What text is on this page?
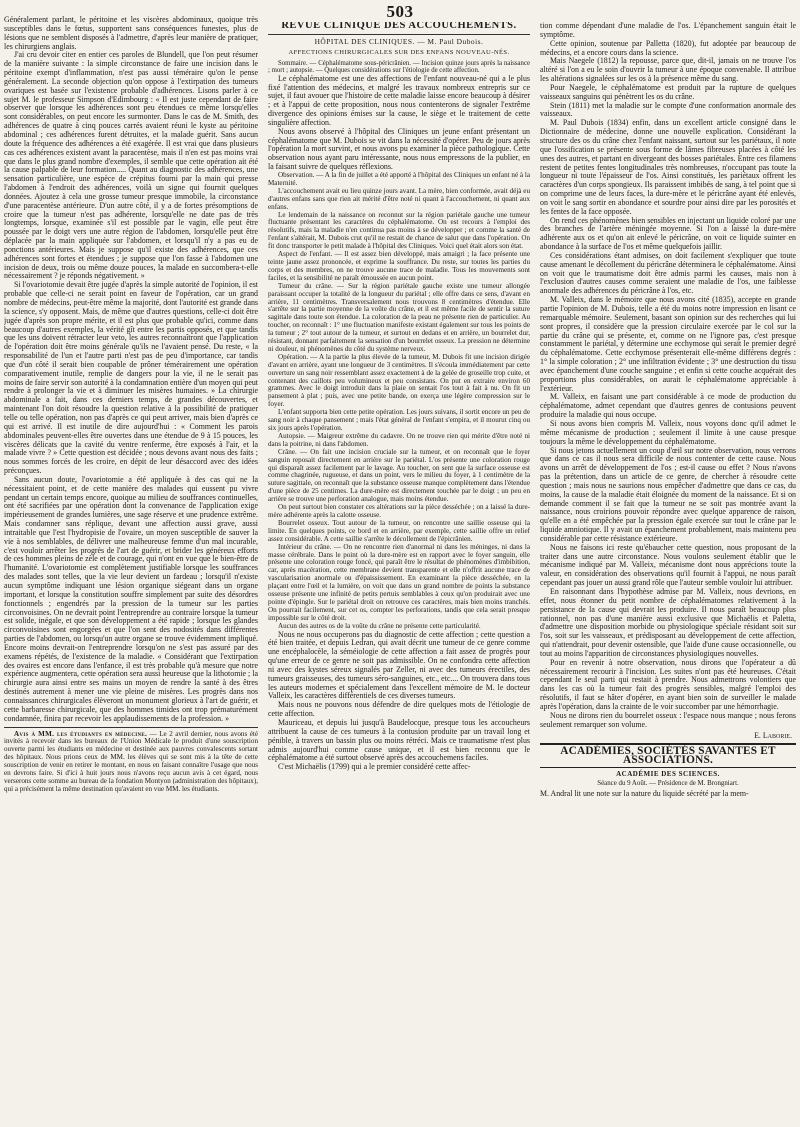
503

Généralement parlant, le péritoine et les viscères abdominaux, quoique très susceptibles dans le fœtus, supportent sans conséquences funestes, plus de lésions que ne semblent disposés à l'admettre, d'après leur manière de pratiquer, les chirurgiens anglais.

J'ai cru devoir citer en entier ces paroles de Blundell, que l'on peut résumer de la manière suivante : la simple circonstance de faire une incision dans le péritoine exempt d'inflammation, n'est pas aussi téméraire qu'on le pense généralement. La seconde objection qu'on oppose à l'extirpation des tumeurs ovariques est basée sur l'existence probable d'adhérences. Lisons parler à ce sujet M. le professeur Simpson d'Edimbourg : « Il est juste cependant de faire observer que lorsque les adhérences sont peu étendues ce même lorsqu'elles sont considérables, on peut encore les surmonter. Dans le cas de M. Smith, des adhérences de quatre à cinq pouces carrés avaient réuni le kyste au péritoine abdominal ; ces adhérences furent détruites, et la malade guérit. Sans aucun doute la fréquence des adhérences a été exagérée. Il est vrai que dans plusieurs cas ces adhérences existent avant la paracentèse, mais il n'en est pas moins vrai que dans le plus grand nombre d'exemples, il semble que cette opération ait été la cause palpable de leur formation..... Quant au diagnostic des adhérences, une sensation particulière, une espèce de crépitus fourni par la main qui presse l'abdomen à l'endroit des adhérences, voilà un signe qui fournit quelques données. Ajoutez à cela une grosse tumeur presque immobile, la circonstance d'une paracentèse antérieure. D'un autre côté, il y a de fortes présomptions de croire que la tumeur n'est pas adhérente, lorsqu'elle ne date pas de très longtemps, lorsque, examinée s'il est possible par le vagin, elle peut être poussée par le doigt vers une autre région de l'abdomen, lorsqu'elle peut être déplacée par la main appliquée sur l'abdomen, et lorsqu'il n'y a pas eu de ponctions antérieures. Mais je suppose qu'il existe des adhérences, que ces adhérences sont fortes et étendues ; je suppose que l'on fasse à l'abdomen une incision de deux, trois ou même douze pouces, la malade en succombera-t-elle nécessairement ? je réponds négativement. »

Si l'ovariotomie devait être jugée d'après la simple autorité de l'opinion, il est probable que celle-ci ne serait point en faveur de l'opération, car un grand nombre de médecins, peut-être même la majorité, dont l'autorité est grande dans la science, s'y opposent. Mais, de même que d'autres questions, celle-ci doit être jugée d'après son propre mérite, et il est plus que probable qu'ici, comme dans beaucoup d'autres exemples, la vérité gît entre les partis opposés, et que tandis que les uns doivent rétracter leur veto, les autres reconnaîtront que l'application de l'opération doit être moins générale qu'ils ne l'avaient pensé. Du reste, « la responsabilité de l'un et l'autre parti n'est pas de peu d'importance, car tandis que d'un côté il serait bien coupable de prôner témérairement une opération comparativement inutile, remplie de dangers pour la vie, il ne le serait pas moins de faire servir son autorité à la condamnation entière d'un moyen qui peut rendre à prolonger la vie et à diminuer les misères humaines. » La chirurgie abdominale a fait, dans ces derniers temps, de grandes découvertes, et maintenant l'on doit résoudre la question relative à la possibilité de pratiquer telle ou telle opération, non pas d'après ce qui peut arriver, mais bien d'après ce qui est arrivé. Il est inutile de dire aujourd'hui : « Comment les parois abdominales peuvent-elles être ouvertes dans une étendue de 9 à 15 pouces, les viscères délicats que la cavité du ventre renferme, être exposés à l'air, et la malade vivre ? » Cette question est décidée ; nous devons avant nous des faits ; nous sommes forcés de les croire, en dépit de leur désaccord avec des idées préconçues.

Sans aucun doute, l'ovariotomie a été appliquée à des cas qui ne la nécessitaient point, et de cette manière des malades qui eussent pu vivre pendant un certain temps encore, quoique au milieu de souffrances continuelles, ont été sacrifiées par une opération dont la convenance de l'application exige impérieusement de grandes lumières, une sage réserve et une prudence extrême. Mais condamner sans réplique, devant une affection aussi grave, aussi intraitable que l'est l'hydropisie de l'ovaire, un moyen susceptible de sauver la vie à nos semblables, de délivrer une malheureuse femme d'un mal incurable, c'est vouloir arrêter les progrès de l'art de guérir, et brider les généreux efforts de ces hommes pleins de zèle et de courage, qui n'ont en vue que le bien-être de l'humanité. L'ovariotomie est complètement justifiable lorsque les souffrances des malades sont telles, que la vie leur devient un fardeau ; lorsqu'il n'existe aucun symptôme indiquant une lésion organique siégeant dans un organe important, et lorsque la constitution souffre simplement par suite des désordres fonctionnels ; engendrés par la pression de la tumeur sur les parties circonvoisines. On ne devrait point l'entreprendre au contraire lorsque la tumeur est solide, inégale, et que son développement a été rapide ; lorsque les glandes circonvoisines sont engorgées et que l'on sent des nodosités dans différentes parties de l'abdomen, ou lorsqu'un autre organe se trouve évidemment impliqué. Encore moins devrait-on l'entreprendre lorsqu'on ne s'est pas assuré par des examens répétés, de l'existence de la maladie. « Considérant que l'extirpation des ovaires est encore dans l'enfance, il est très probable qu'à mesure que notre expérience augmentera, cette opération sera aussi heureuse que la lithotomie ; la chirurgie aura ainsi entre ses mains un moyen de rendre la santé à des êtres destinés autrement à mener une vie pleine de misères. Les progrès dans nos connaissances chirurgicales élèveront un monument glorieux à l'art de guérir, et cette barbaresse chirurgicale, que des hommes timides ont trop prématurément condamnée, finira par recevoir les applaudissements de la profession. »

Avis à MM. les étudiants en médecine. — Le 2 avril dernier, nous avons été invités à recevoir dans les bureaux de l'Union Médicale le produit d'une souscription ouverte parmi les étudiants en médecine et destinée aux pauvres convalescents sortant des hôpitaux. Nous prions ceux de MM. les élèves qui se sont mis à la tête de cette souscription de venir en retirer le montant, en nous en faisant connaître l'usage que nous en devrons faire. Si d'ici à huit jours nous n'avons reçu aucun avis à cet égard, nous verserons cette somme au bureau de la fondation Montyon (administration des hôpitaux), qui a précisément la même destination qu'avaient en vue MM. les étudiants.

REVUE CLINIQUE DES ACCOUCHEMENTS.
HÔPITAL DES CLINIQUES. — M. Paul Dubois.
AFFECTIONS CHIRURGICALES SUR DES ENFANS NOUVEAU-NÉS.

Sommaire. — Céphalématome sous-péricrânien. — Incision quinze jours après la naissance ; mort ; autopsie. — Quelques considérations sur l'étiologie de cette affection.

Le céphalématome est une des affections de l'enfant nouveau-né qui a le plus fixé l'attention des médecins, et malgré les travaux nombreux entrepris sur ce sujet, il faut avouer que l'histoire de cette maladie laisse encore beaucoup à désirer ; et à l'appui de cette proposition, nous nous contenterons de signaler l'extrême divergence des opinions émises sur la cause, le siège et le traitement de cette singulière affection.

Nous avons observé à l'hôpital des Cliniques un jeune enfant présentant un céphalématome que M. Dubois se vit dans la nécessité d'opérer. Peu de jours après l'opération la mort survint, et nous avons pu examiner la pièce pathologique. Cette observation nous ayant paru intéressante, nous nous empressons de la publier, en la faisant suivre de quelques réflexions.

Observation. — A la fin de juillet a été apporté à l'hôpital des Cliniques un enfant né à la Maternité.

L'accouchement avait eu lieu quinze jours avant. La mère, bien conformée, avait déjà eu d'autres enfans sans que rien ait mérité d'être noté ni quant à l'accouchement, ni quant aux enfans.

Le lendemain de la naissance on reconnut sur la région pariétale gauche une tumeur fluctuante présentant les caractères du céphalématome. On est recours à l'emploi des résolutifs, mais la maladie n'en continua pas moins à se développer ; et comme la santé de l'enfant s'altérait, M. Dubois crut qu'il ne restait de chance de salut que dans l'opération. On fit donc transporter le petit malade à l'hôpital des Cliniques. Voici quel était alors son état.

Aspect de l'enfant. — Il est assez bien développé, mais amaigri ; la face présente une teinte jaune assez prononcée, et exprime la souffrance. Du reste, sur toutes les parties du corps et des membres, on ne trouve aucune trace de maladie. Tous les mouvements sont faciles, et la sensibilité ne paraît émoussée en aucun point.

Tumeur du crâne. — Sur la région pariétale gauche existe une tumeur allongée paraissant occuper la totalité de la longueur du pariétal ; elle offre dans ce sens, d'avant en arrière, 11 centimètres. Transversalement nous trouvons 8 centimètres d'étendue. Elle s'arrête sur la partie moyenne de la voûte du crâne, et il est même facile de sentir la suture sagittale dans toute son étendue. La coloration de la peau ne présente rien de particulier. Au toucher, on reconnaît : 1° une fluctuation manifeste existant également sur tous les points de la tumeur ; 2° tout autour de la tumeur, et surtout en dedans et en arrière, un bourrelet dur, résistant, donnant parfaitement la sensation d'un bourrelet osseux. La pression ne détermine ni douleur, ni phénomènes du côté du système nerveux.

Opération. — A la partie la plus élevée de la tumeur, M. Dubois fit une incision dirigée d'avant en arrière, ayant une longueur de 3 centimètres. Il s'écoula immédiatement par cette ouverture un sang noir ressemblant assez exactement à de la gelée de groseille trop cuite, et contenant des caillots peu volumineux et peu consistans. On put en extraire environ 60 grammes. Avec le doigt introduit dans la plaie on sentait l'os tout à fait à nu. On fit un pansement à plat ; puis, avec une petite bande, on exerça une légère compression sur le foyer.

L'enfant supporta bien cette petite opération. Les jours suivans, il sortit encore un peu de sang noir à chaque pansement ; mais l'état général de l'enfant s'empira, et il mourut cinq ou six jours après l'opération.

Autopsie. — Maigreur extrême du cadavre. On ne trouve rien qui mérite d'être noté ni dans la poitrine, ni dans l'abdomen.

Crâne. — On fait une incision cruciale sur la tumeur, et on reconnaît que le foyer sanguin reposait directement en arrière sur le pariétal. L'os présente une coloration rouge qui disparaît assez facilement par le lavage. Au toucher, on sent que la surface osseuse est comme chagrinée, rugueuse, et dans un point, vers le milieu du foyer, à 1 centimètre de la suture sagittale, on reconnaît que la substance osseuse manque complètement dans l'étendue d'une pièce de 25 centimes. La dure-mère est directement touchée par le doigt ; un peu en arrière se trouve une perforation analogue, mais moins étendue.

On peut surtout bien constater ces altérations sur la pièce desséchée ; on a laissé la dure-mère adhérente après la calotte osseuse.

Bourrelet osseux. Tout autour de la tumeur, on rencontre une saillie osseuse qui la limite. En quelques points, ce bord et en arrière, par exemple, cette saillie offre un relief assez considérable. A cette saillie s'arrête le décollement de l'épicrânien.

Intérieur du crâne. — On ne rencontre rien d'anormal ni dans les méninges, ni dans la masse cérébrale. Dans le point où la dure-mère est en rapport avec le foyer sanguin, elle présente une coloration rouge foncé, qui paraît être le résultat de phénomènes d'imbibition, car, après macération, cette membrane devient transparente et elle n'offrit aucune trace de vascularisation anormale ou d'épaississement. En examinant la pièce desséchée, en la plaçant entre l'œil et la lumière, on voit que dans un grand nombre de points la substance osseuse présente une infinité de petits pertuis semblables à ceux qu'on produirait avec une pointe d'épingle. Sur le pariétal droit on retrouve ces caractères, mais bien moins tranchés. On pourrait facilement, sur cet os, compter les perforations, tandis que cela serait presque impossible sur le côté droit.

Aucun des autres os de la voûte du crâne ne présente cette particularité.

Nous ne nous occuperons pas du diagnostic de cette affection ; cette question a été bien traitée, et depuis Ledran, qui avait décrit une tumeur de ce genre comme une encéphalocèle, la séméiologie de cette affection a fait assez de progrès pour qu'une erreur de ce genre ne soit pas admissible. On ne confondra cette affection ni avec des kystes séreux signalés par Zeller, ni avec des tumeurs érectiles, des tumeurs graisseuses, des tumeurs séro-sanguines, etc., etc.... On trouvera dans tous les auteurs modernes et spécialement dans l'excellent mémoire de M. le docteur Valleix, les caractères différentiels de ces diverses tumeurs.

Mais nous ne pouvons nous défendre de dire quelques mots de l'étiologie de cette affection.

Mauriceau, et depuis lui jusqu'à Baudelocque, presque tous les accoucheurs attribuent la cause de ces tumeurs à la contusion produite par un travail long et pénible, à travers un bassin plus ou moins rétréci. Mais ce traumatisme n'est plus admis aujourd'hui comme cause unique, et il est bien reconnu que le céphalématome a été surtout observé après des accouchemens faciles.

C'est Michaëlis (1799) qui a le premier considéré cette affec-

tion comme dépendant d'une maladie de l'os. L'épanchement sanguin était le symptôme.

Cette opinion, soutenue par Palletta (1820), fut adoptée par beaucoup de médecins, et a encore cours dans la science.

Mais Naegele (1812) la repousse, parce que, dit-il, jamais on ne trouve l'os altéré si l'on a eu le soin d'ouvrir la tumeur à une époque convenable. Il attribue les altérations signalées sur les os à la présence même du sang.

Pour Naegele, le céphalématome est produit par la rupture de quelques vaisseaux sanguins qui pénètrent les os du crâne.

Stein (1811) met la maladie sur le compte d'une conformation anormale des vaisseaux.

M. Paul Dubois (1834) enfin, dans un excellent article consigné dans le Dictionnaire de médecine, donne une nouvelle explication. Considérant la structure des os du crâne chez l'enfant naissant, surtout sur les pariétaux, il note que l'ossification se présente sous forme de lâmes fibreuses placées à côté les unes des autres, et partant en divergeant des bosses pariétales. Entre ces filamens restent de petites fentes longitudinales très nombreuses, n'occupant pas toute la longueur ni toute l'épaisseur de l'os. Ainsi constitués, les pariétaux offrent les caractères d'un corps spongieux. Ils paraissent imbibés de sang, à tel point que si on comprime une de leurs faces, la dure-mère et le péricrâne ayant été enlevés, on voit le sang sortir en abondance et sourdre pour ainsi dire par les porosités et les fentes de la face opposée.

On rend ces phénomènes bien sensibles en injectant un liquide coloré par une des branches de l'artère méningée moyenne. Si l'on a laissé la dure-mère adhérente aux os et qu'on ait enlevé le péricrâne, on voit ce liquide suinter en abondance à la surface de l'os et même quelquefois jaillir.

Ces considérations étant admises, on doit facilement s'expliquer que toute cause amenant le décollement du péricrâne déterminera le céphalématome. Ainsi on voit que le traumatisme doit être admis parmi les causes, mais non à l'exclusion d'autres causes comme seraient une maladie de l'os, une faiblesse anormale des adhérences du péricrâne à l'os, etc.

M. Valleix, dans le mémoire que nous avons cité (1835), accepte en grande partie l'opinion de M. Dubois, telle a été du moins notre impression en lisant ce remarquable mémoire. Seulement, basant son opinion sur des recherches qui lui sont propres, il considère que la pression circulaire exercée par le col sur la partie du crâne qui se présente, et, comme on ne l'ignore pas, c'est presque constamment le pariétal, y détermine une ecchymose qui serait le premier degré du céphalématome. Cette ecchymose présenterait elle-même différens degrés : 1° la simple coloration ; 2° une infiltration évidente ; 3° une destruction du tissu avec épanchement d'une couche sanguine ; et enfin si cette couche acquérait des proportions plus considérables, on aurait le céphalématome appréciable à l'extérieur.

M. Valleix, en faisant une part considérable à ce mode de production du céphalématome, admet cependant que d'autres genres de contusions peuvent produire la maladie qui nous occupe.

Si nous avons bien compris M. Valleix, nous voyons donc qu'il admet le même mécanisme de production ; seulement il limite à une cause presque toujours la même le développement du céphalématome.

Si nous jetons actuellement un coup d'œil sur notre observation, nous verrons que dans ce cas il nous sera difficile de nous contenter de cette cause. Nous avons un arrêt de développement de l'os ; est-il cause ou effet ? Nous n'avons pas la prétention, dans un article de ce genre, de chercher à résoudre cette question ; mais nous ne saurions nous empêcher d'admettre que dans ce cas, du moins, la cause de la maladie était éloignée du moment de la naissance. Et si on demande comment il se fait que la tumeur ne se soit pas montrée avant la naissance, nous croirions pouvoir répondre avec quelque apparence de raison, qu'elle en a été empêchée par la pression égale exercée sur tout le crâne par le liquide amniotique. Il y avait un épanchement probablement, mais maintenu peu considérable par cette résistance extérieure.

Nous ne faisons ici reste qu'ébaucher cette question, nous proposant de la traiter dans une autre circonstance. Nous voulons seulement établir que le mécanisme indiqué par M. Valleix, mécanisme dont nous apprécions toute la valeur, en considération des observations qu'il fournit à l'appui, ne nous paraît cependant pas jouer un aussi grand rôle que l'auteur semble vouloir lui attribuer.

En raisonnant dans l'hypothèse admise par M. Valleix, nous devrions, en effet, nous étonner du petit nombre de céphalématomes relativement à la persistance de la cause qui devrait les produire. Il nous paraît beaucoup plus rationnel, non pas d'une manière aussi exclusive que Michaëlis et Paletta, d'admettre une disposition morbide ou physiologique spéciale résidant soit sur l'os, soit sur les vaisseaux, et prédisposant au développement de cette affection, qui n'attendrait, pour devenir ostensible, que l'aide d'une cause occasionnelle, ou tout au moins l'apparition de circonstances physiologiques nouvelles.

Pour en revenir à notre observation, nous dirons que l'opérateur a dû nécessairement recourir à l'incision. Les suites n'ont pas été heureuses. C'était cependant le seul parti qui restait à prendre. Nous admettrons volontiers que dans les cas où la tumeur fait des progrès sensibles, malgré l'emploi des résolutifs, il faut se hâter d'opérer, en ayant bien soin de surveiller le malade après l'opération, dans la crainte de le voir succomber par une hémorrhagie.

Nous ne dirons rien du bourrelet osseux : l'espace nous manque ; nous ferons seulement remarquer son volume.

E. Laborie.
ACADÉMIES, SOCIÉTÉS SAVANTES ET ASSOCIATIONS.
ACADÉMIE DES SCIENCES.
Séance du 9 Août. — Présidence de M. Brongniart.

M. Andral lit une note sur la nature du liquide sécrété par la mem-
